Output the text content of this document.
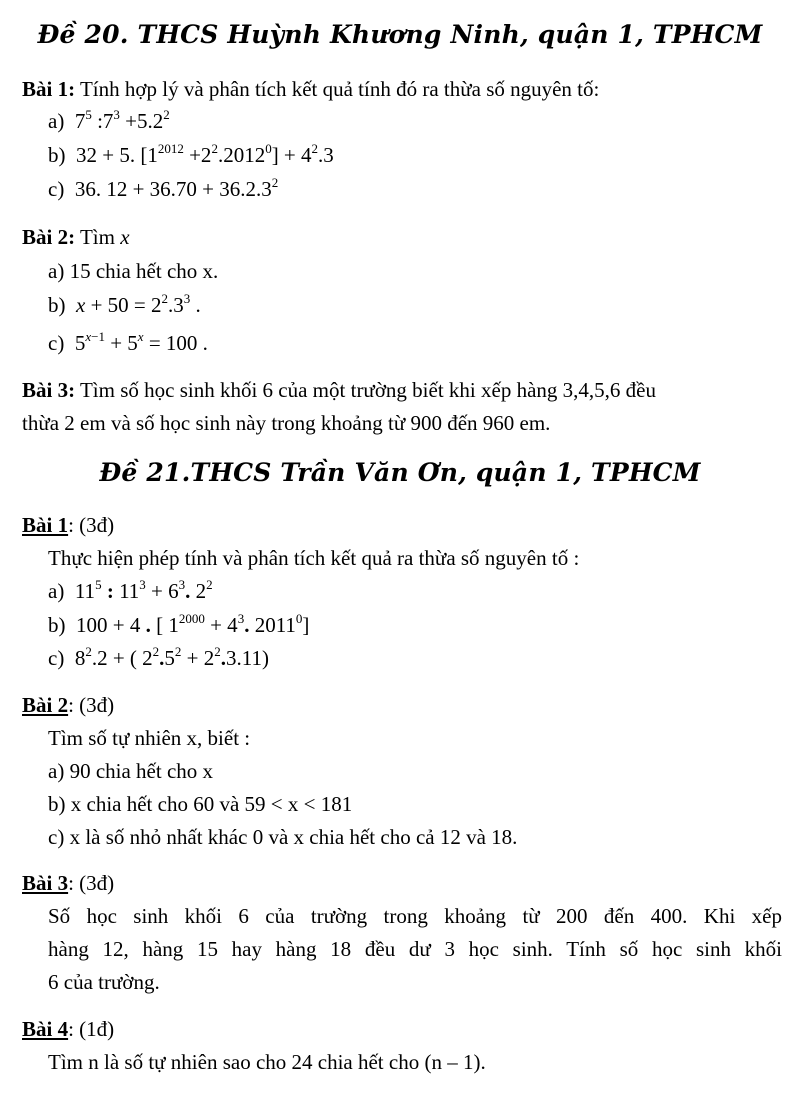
Đề 20. THCS Huỳnh Khương Ninh, quận 1, TPHCM
Bài 1: Tính hợp lý và phân tích kết quả tính đó ra thừa số nguyên tố:
a)  $7^5$ $:7^3 +5.2^2$
b)  32 + 5. $[1^{2012} +2^2.2012^0] + 4^2.3$
c)  36. $12 + 36.70 + 36.2.3^2$
Bài 2: Tìm x
a) 15 chia hết cho x.
b) $x + 50 = 2^2.3^3$ .
c)  $5^{x-1} + 5^x = 100$ .
Bài 3: Tìm số học sinh khối 6 của một trường biết khi xếp hàng 3,4,5,6 đều
thừa 2 em và số học sinh này trong khoảng từ 900 đến 960 em.
Đề 21.THCS Trần Văn Ơn, quận 1, TPHCM
Bài 1: (3đ)
Thực hiện phép tính và phân tích kết quả ra thừa số nguyên tố :
a)  $11^5$ : $11^3 + 6^3$. $2^2$
b)  100 + 4 . [ $1^{2000} + 4^3$. 2011$^0$]
c)  $8^2.2$ + ( $2^2.5^2 + 2^2.3.11$)
Bài 2: (3đ)
Tìm số tự nhiên x, biết :
a) 90 chia hết cho x
b) x chia hết cho 60 và 59 < x < 181
c) x là số nhỏ nhất khác 0 và x chia hết cho cả 12 và 18.
Bài 3: (3đ)
Số học sinh khối 6 của trường trong khoảng từ 200 đến 400. Khi xếp
hàng 12, hàng 15 hay hàng 18 đều dư 3 học sinh. Tính số học sinh khối
6 của trường.
Bài 4: (1đ)
Tìm n là số tự nhiên sao cho 24 chia hết cho (n – 1).
